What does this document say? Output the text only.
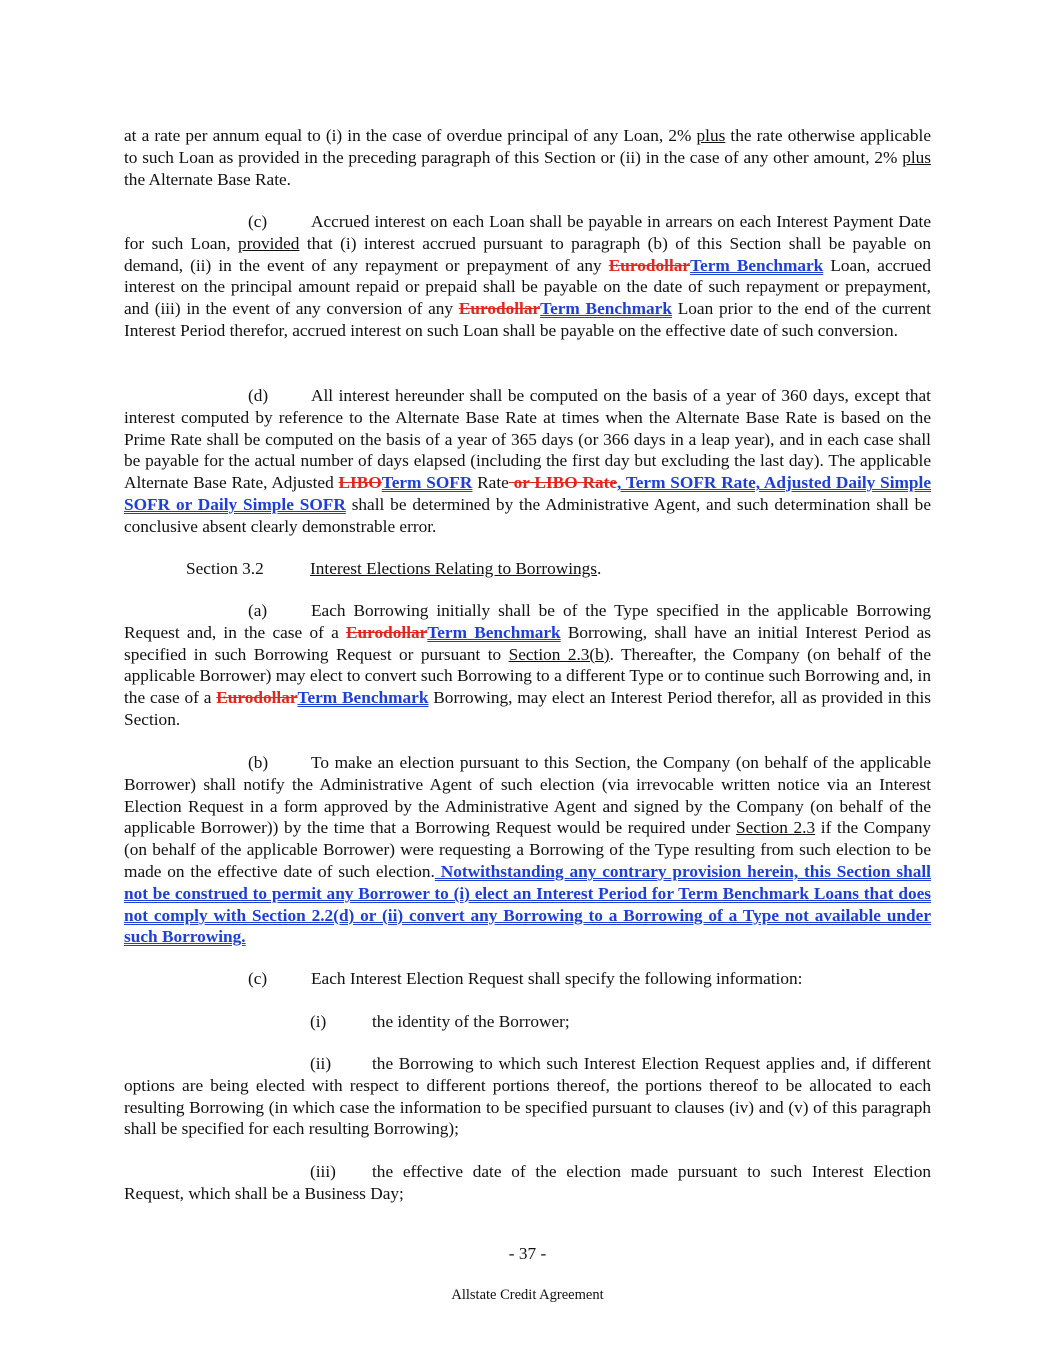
at a rate per annum equal to (i) in the case of overdue principal of any Loan, 2% plus the rate otherwise applicable to such Loan as provided in the preceding paragraph of this Section or (ii) in the case of any other amount, 2% plus the Alternate Base Rate.

(c)	Accrued interest on each Loan shall be payable in arrears on each Interest Payment Date for such Loan, provided that (i) interest accrued pursuant to paragraph (b) of this Section shall be payable on demand, (ii) in the event of any repayment or prepayment of any EurodollarTerm Benchmark Loan, accrued interest on the principal amount repaid or prepaid shall be payable on the date of such repayment or prepayment, and (iii) in the event of any conversion of any EurodollarTerm Benchmark Loan prior to the end of the current Interest Period therefor, accrued interest on such Loan shall be payable on the effective date of such conversion.

(d) All interest hereunder shall be computed on the basis of a year of 360 days, except that interest computed by reference to the Alternate Base Rate at times when the Alternate Base Rate is based on the Prime Rate shall be computed on the basis of a year of 365 days (or 366 days in a leap year), and in each case shall be payable for the actual number of days elapsed (including the first day but excluding the last day). The applicable Alternate Base Rate, Adjusted LIBOTerm SOFR Rate or LIBO Rate, Term SOFR Rate, Adjusted Daily Simple SOFR or Daily Simple SOFR shall be determined by the Administrative Agent, and such determination shall be conclusive absent clearly demonstrable error.

Section 3.2	Interest Elections Relating to Borrowings.

(a)	Each Borrowing initially shall be of the Type specified in the applicable Borrowing Request and, in the case of a EurodollarTerm Benchmark Borrowing, shall have an initial Interest Period as specified in such Borrowing Request or pursuant to Section 2.3(b). Thereafter, the Company (on behalf of the applicable Borrower) may elect to convert such Borrowing to a different Type or to continue such Borrowing and, in the case of a EurodollarTerm Benchmark Borrowing, may elect an Interest Period therefor, all as provided in this Section.

(b) To make an election pursuant to this Section, the Company (on behalf of the applicable Borrower) shall notify the Administrative Agent of such election (via irrevocable written notice via an Interest Election Request in a form approved by the Administrative Agent and signed by the Company (on behalf of the applicable Borrower)) by the time that a Borrowing Request would be required under Section 2.3 if the Company (on behalf of the applicable Borrower) were requesting a Borrowing of the Type resulting from such election to be made on the effective date of such election. Notwithstanding any contrary provision herein, this Section shall not be construed to permit any Borrower to (i) elect an Interest Period for Term Benchmark Loans that does not comply with Section 2.2(d) or (ii) convert any Borrowing to a Borrowing of a Type not available under such Borrowing.

(c)	Each Interest Election Request shall specify the following information:

(i)	the identity of the Borrower;

(ii) the Borrowing to which such Interest Election Request applies and, if different options are being elected with respect to different portions thereof, the portions thereof to be allocated to each resulting Borrowing (in which case the information to be specified pursuant to clauses (iv) and (v) of this paragraph shall be specified for each resulting Borrowing);

(iii) the effective date of the election made pursuant to such Interest Election Request, which shall be a Business Day;

- 37 -

Allstate Credit Agreement
